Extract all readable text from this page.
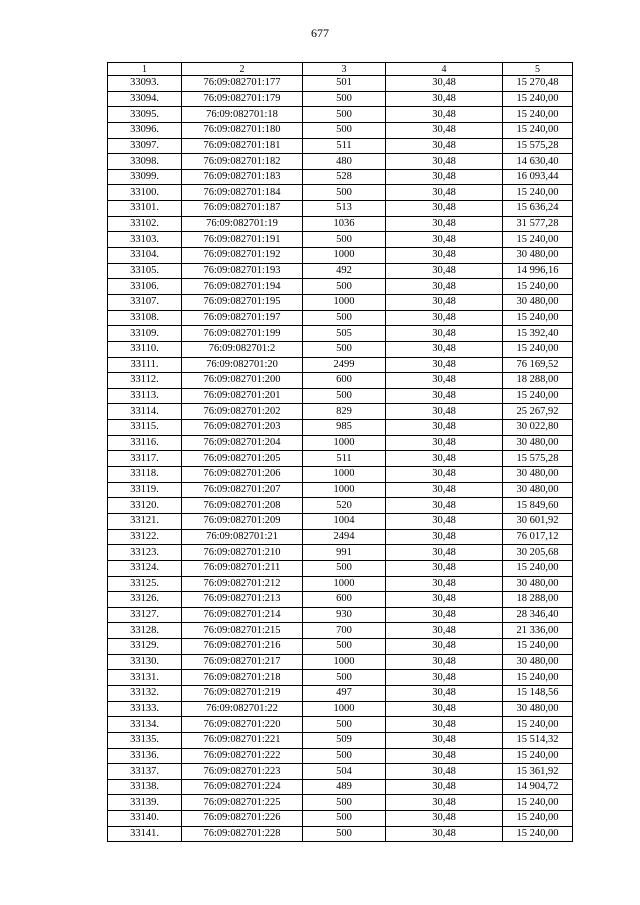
677
1	2	3	4	5
33093.	76:09:082701:177	501	30,48	15 270,48
33094.	76:09:082701:179	500	30,48	15 240,00
33095.	76:09:082701:18	500	30,48	15 240,00
33096.	76:09:082701:180	500	30,48	15 240,00
33097.	76:09:082701:181	511	30,48	15 575,28
33098.	76:09:082701:182	480	30,48	14 630,40
33099.	76:09:082701:183	528	30,48	16 093,44
33100.	76:09:082701:184	500	30,48	15 240,00
33101.	76:09:082701:187	513	30,48	15 636,24
33102.	76:09:082701:19	1036	30,48	31 577,28
33103.	76:09:082701:191	500	30,48	15 240,00
33104.	76:09:082701:192	1000	30,48	30 480,00
33105.	76:09:082701:193	492	30,48	14 996,16
33106.	76:09:082701:194	500	30,48	15 240,00
33107.	76:09:082701:195	1000	30,48	30 480,00
33108.	76:09:082701:197	500	30,48	15 240,00
33109.	76:09:082701:199	505	30,48	15 392,40
33110.	76:09:082701:2	500	30,48	15 240,00
33111.	76:09:082701:20	2499	30,48	76 169,52
33112.	76:09:082701:200	600	30,48	18 288,00
33113.	76:09:082701:201	500	30,48	15 240,00
33114.	76:09:082701:202	829	30,48	25 267,92
33115.	76:09:082701:203	985	30,48	30 022,80
33116.	76:09:082701:204	1000	30,48	30 480,00
33117.	76:09:082701:205	511	30,48	15 575,28
33118.	76:09:082701:206	1000	30,48	30 480,00
33119.	76:09:082701:207	1000	30,48	30 480,00
33120.	76:09:082701:208	520	30,48	15 849,60
33121.	76:09:082701:209	1004	30,48	30 601,92
33122.	76:09:082701:21	2494	30,48	76 017,12
33123.	76:09:082701:210	991	30,48	30 205,68
33124.	76:09:082701:211	500	30,48	15 240,00
33125.	76:09:082701:212	1000	30,48	30 480,00
33126.	76:09:082701:213	600	30,48	18 288,00
33127.	76:09:082701:214	930	30,48	28 346,40
33128.	76:09:082701:215	700	30,48	21 336,00
33129.	76:09:082701:216	500	30,48	15 240,00
33130.	76:09:082701:217	1000	30,48	30 480,00
33131.	76:09:082701:218	500	30,48	15 240,00
33132.	76:09:082701:219	497	30,48	15 148,56
33133.	76:09:082701:22	1000	30,48	30 480,00
33134.	76:09:082701:220	500	30,48	15 240,00
33135.	76:09:082701:221	509	30,48	15 514,32
33136.	76:09:082701:222	500	30,48	15 240,00
33137.	76:09:082701:223	504	30,48	15 361,92
33138.	76:09:082701:224	489	30,48	14 904,72
33139.	76:09:082701:225	500	30,48	15 240,00
33140.	76:09:082701:226	500	30,48	15 240,00
33141.	76:09:082701:228	500	30,48	15 240,00
